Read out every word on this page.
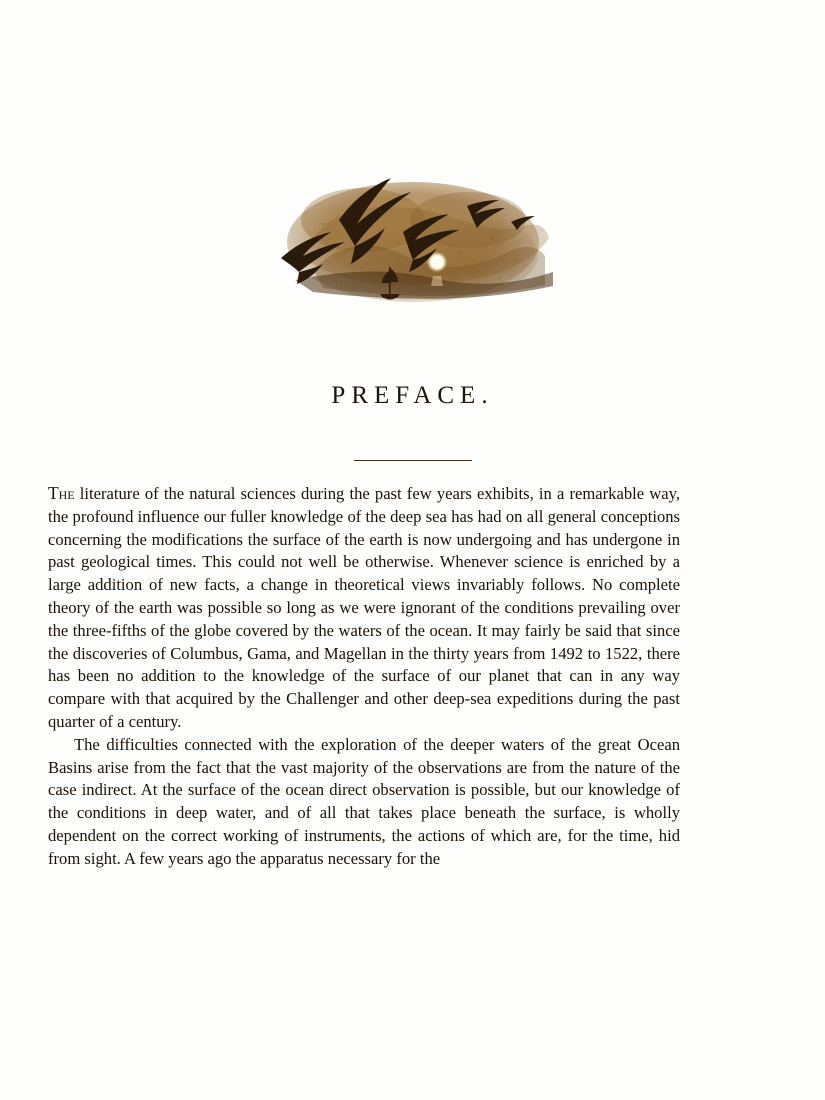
PREFACE.

The literature of the natural sciences during the past few years exhibits, in a remarkable way, the profound influence our fuller knowledge of the deep sea has had on all general conceptions concerning the modifications the surface of the earth is now undergoing and has undergone in past geological times. This could not well be otherwise. Whenever science is enriched by a large addition of new facts, a change in theoretical views invariably follows. No complete theory of the earth was possible so long as we were ignorant of the conditions prevailing over the three-fifths of the globe covered by the waters of the ocean. It may fairly be said that since the discoveries of Columbus, Gama, and Magellan in the thirty years from 1492 to 1522, there has been no addition to the knowledge of the surface of our planet that can in any way compare with that acquired by the Challenger and other deep-sea expeditions during the past quarter of a century.

The difficulties connected with the exploration of the deeper waters of the great Ocean Basins arise from the fact that the vast majority of the observations are from the nature of the case indirect. At the surface of the ocean direct observation is possible, but our knowledge of the conditions in deep water, and of all that takes place beneath the surface, is wholly dependent on the correct working of instruments, the actions of which are, for the time, hid from sight. A few years ago the apparatus necessary for the
